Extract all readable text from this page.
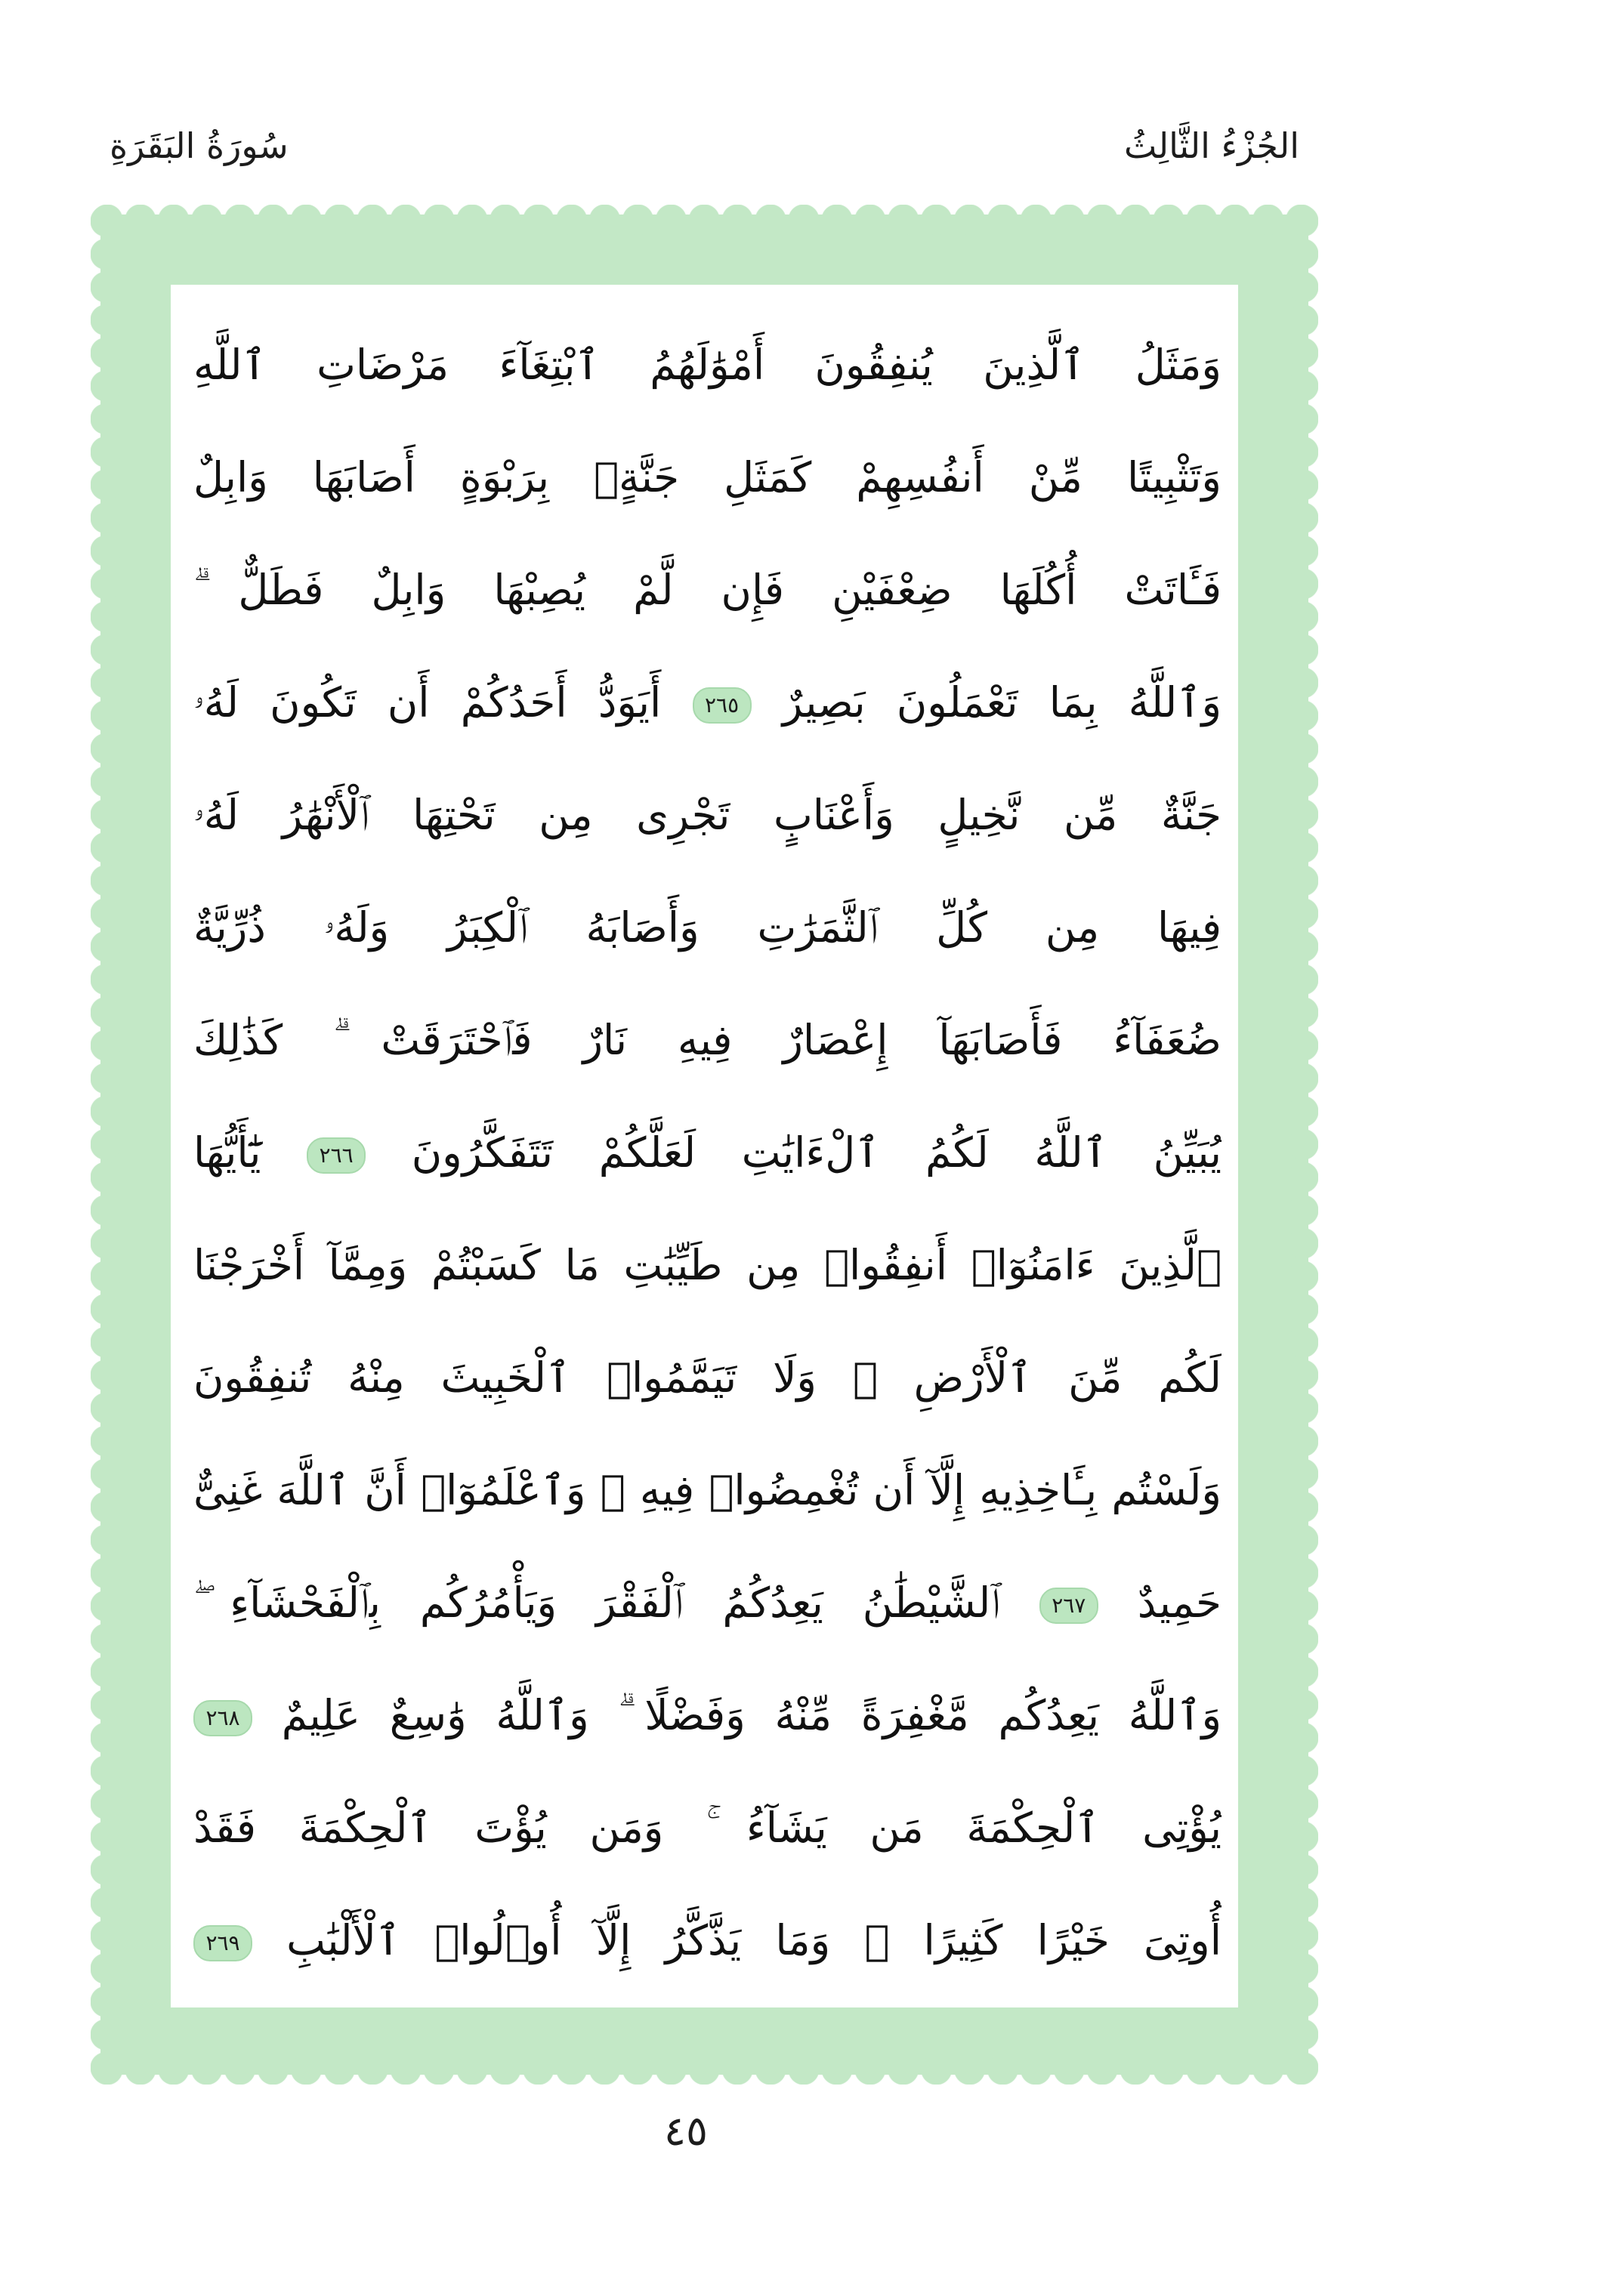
الجُزْءُ الثَّالِثُ
سُورَةُ البَقَرَةِ
وَمَثَلُ ٱلَّذِينَ يُنفِقُونَ أَمْوَٰلَهُمُ ٱبْتِغَآءَ مَرْضَاتِ ٱللَّهِ
وَتَثْبِيتًا مِّنْ أَنفُسِهِمْ كَمَثَلِ جَنَّةٍۭ بِرَبْوَةٍ أَصَابَهَا وَابِلٌ
فَـَٔاتَتْ أُكُلَهَا ضِعْفَيْنِ فَإِن لَّمْ يُصِبْهَا وَابِلٌ فَطَلٌّ ۗ
وَٱللَّهُ بِمَا تَعْمَلُونَ بَصِيرٌ ٢٦٥ أَيَوَدُّ أَحَدُكُمْ أَن تَكُونَ لَهُۥ
جَنَّةٌ مِّن نَّخِيلٍ وَأَعْنَابٍ تَجْرِى مِن تَحْتِهَا ٱلْأَنْهَٰرُ لَهُۥ
فِيهَا مِن كُلِّ ٱلثَّمَرَٰتِ وَأَصَابَهُ ٱلْكِبَرُ وَلَهُۥ ذُرِّيَّةٌ
ضُعَفَآءُ فَأَصَابَهَآ إِعْصَارٌ فِيهِ نَارٌ فَٱحْتَرَقَتْ ۗ كَذَٰلِكَ
يُبَيِّنُ ٱللَّهُ لَكُمُ ٱلْءَايَٰتِ لَعَلَّكُمْ تَتَفَكَّرُونَ ٢٦٦ يَٰٓأَيُّهَا
ٱلَّذِينَ ءَامَنُوٓا۟ أَنفِقُوا۟ مِن طَيِّبَٰتِ مَا كَسَبْتُمْ وَمِمَّآ أَخْرَجْنَا
لَكُم مِّنَ ٱلْأَرْضِ ۖ وَلَا تَيَمَّمُوا۟ ٱلْخَبِيثَ مِنْهُ تُنفِقُونَ
وَلَسْتُم بِـَٔاخِذِيهِ إِلَّآ أَن تُغْمِضُوا۟ فِيهِ ۚ وَٱعْلَمُوٓا۟ أَنَّ ٱللَّهَ غَنِىٌّ
حَمِيدٌ ٢٦٧ ٱلشَّيْطَٰنُ يَعِدُكُمُ ٱلْفَقْرَ وَيَأْمُرُكُم بِٱلْفَحْشَآءِ ۖ
وَٱللَّهُ يَعِدُكُم مَّغْفِرَةً مِّنْهُ وَفَضْلًا ۗ وَٱللَّهُ وَٰسِعٌ عَلِيمٌ ٢٦٨
يُؤْتِى ٱلْحِكْمَةَ مَن يَشَآءُ ۚ وَمَن يُؤْتَ ٱلْحِكْمَةَ فَقَدْ
أُوتِىَ خَيْرًا كَثِيرًا ۗ وَمَا يَذَّكَّرُ إِلَّآ أُو۟لُوا۟ ٱلْأَلْبَٰبِ ٢٦٩
٤٥
